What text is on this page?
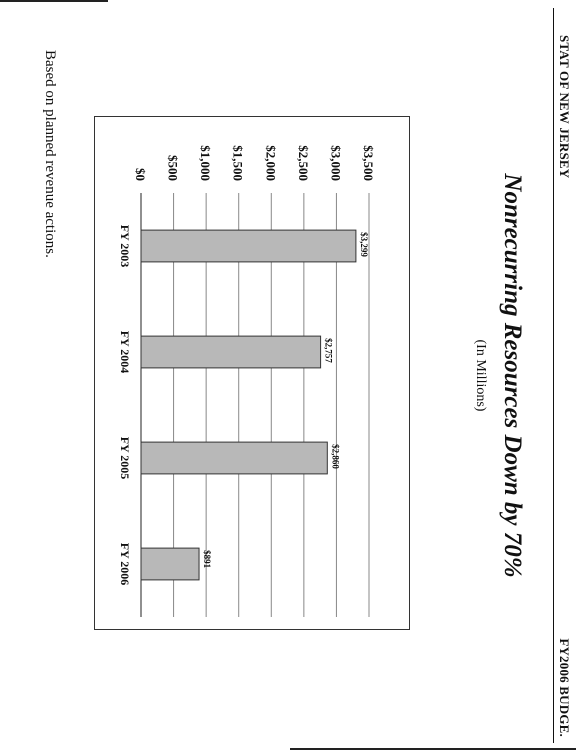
STAT OF NEW JERSEY
FY2006 BUDGE.
Nonrecurring Resources Down by 70%
(In Millions)
$0 $500 $1,000 $1,500 $2,000 $2,500 $3,000 $3,500
$3,299
FY 2003
$2,757
FY 2004
$2,860
FY 2005
$891
FY 2006
Based on planned revenue actions.
